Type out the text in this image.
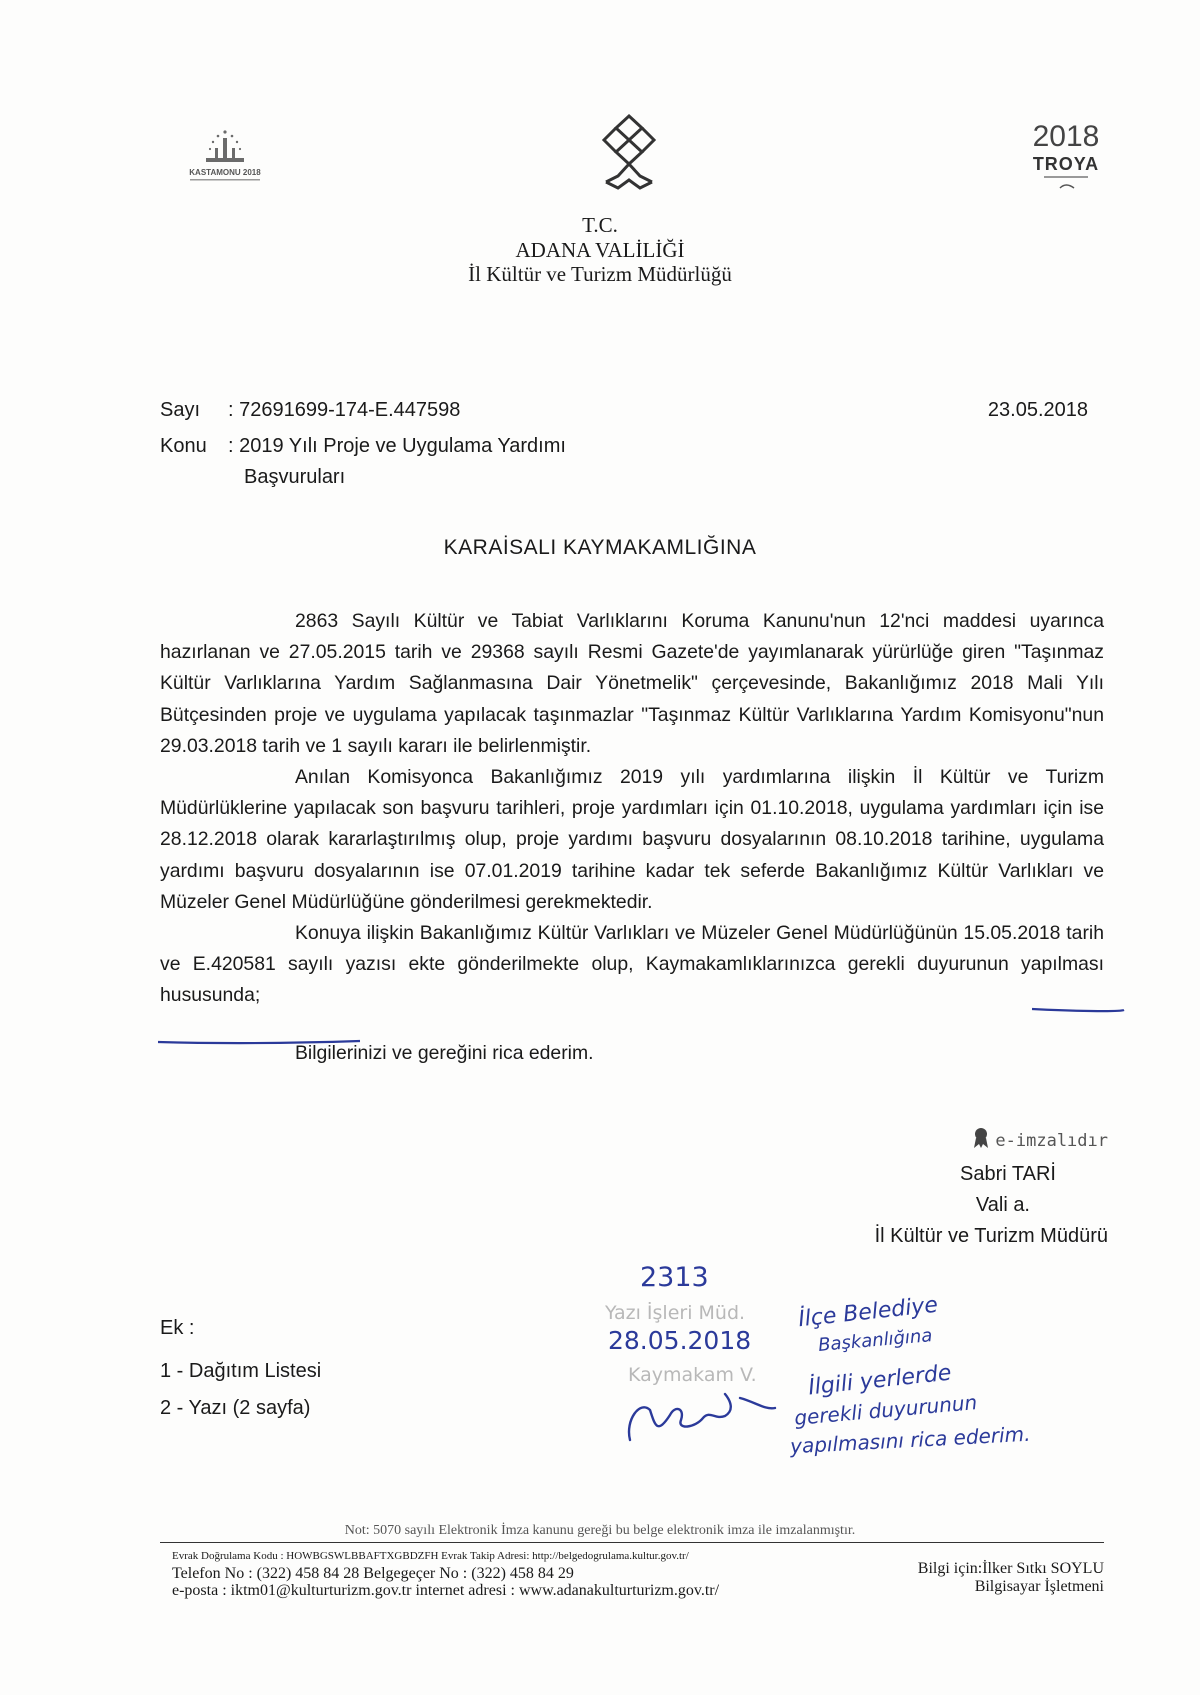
KASTAMONU 2018
2018
TROYA
T.C.
ADANA VALİLİĞİ
İl Kültür ve Turizm Müdürlüğü
Sayı : 72691699-174-E.447598	23.05.2018
Konu : 2019 Yılı Proje ve Uygulama Yardımı
Başvuruları
KARAİSALI KAYMAKAMLIĞINA

2863 Sayılı Kültür ve Tabiat Varlıklarını Koruma Kanunu'nun 12'nci maddesi uyarınca hazırlanan ve 27.05.2015 tarih ve 29368 sayılı Resmi Gazete'de yayımlanarak yürürlüğe giren "Taşınmaz Kültür Varlıklarına Yardım Sağlanmasına Dair Yönetmelik" çerçevesinde, Bakanlığımız 2018 Mali Yılı Bütçesinden proje ve uygulama yapılacak taşınmazlar "Taşınmaz Kültür Varlıklarına Yardım Komisyonu"nun 29.03.2018 tarih ve 1 sayılı kararı ile belirlenmiştir.

Anılan Komisyonca Bakanlığımız 2019 yılı yardımlarına ilişkin İl Kültür ve Turizm Müdürlüklerine yapılacak son başvuru tarihleri, proje yardımları için 01.10.2018, uygulama yardımları için ise 28.12.2018 olarak kararlaştırılmış olup, proje yardımı başvuru dosyalarının 08.10.2018 tarihine, uygulama yardımı başvuru dosyalarının ise 07.01.2019 tarihine kadar tek seferde Bakanlığımız Kültür Varlıkları ve Müzeler Genel Müdürlüğüne gönderilmesi gerekmektedir.

Konuya ilişkin Bakanlığımız Kültür Varlıkları ve Müzeler Genel Müdürlüğünün 15.05.2018 tarih ve E.420581 sayılı yazısı ekte gönderilmekte olup, Kaymakamlıklarınızca gerekli duyurunun yapılması hususunda;

Bilgilerinizi ve gereğini rica ederim.

e-imzalıdır
Sabri TARİ
Vali a.
İl Kültür ve Turizm Müdürü
Ek :
1 - Dağıtım Listesi
2 - Yazı (2 sayfa)
2313
Yazı İşleri Müd.
28.05.2018
Kaymakam V.
İlçe Belediye
Başkanlığına
İlgili yerlerde
gerekli duyurunun
yapılmasını rica ederim.
Not: 5070 sayılı Elektronik İmza kanunu gereği bu belge elektronik imza ile imzalanmıştır.
Evrak Doğrulama Kodu : HOWBGSWLBBAFTXGBDZFH Evrak Takip Adresi: http://belgedogrulama.kultur.gov.tr/
Telefon No : (322) 458 84 28 Belgegeçer No : (322) 458 84 29
e-posta : iktm01@kulturturizm.gov.tr internet adresi : www.adanakulturturizm.gov.tr/
Bilgi için:İlker Sıtkı SOYLU
Bilgisayar İşletmeni
